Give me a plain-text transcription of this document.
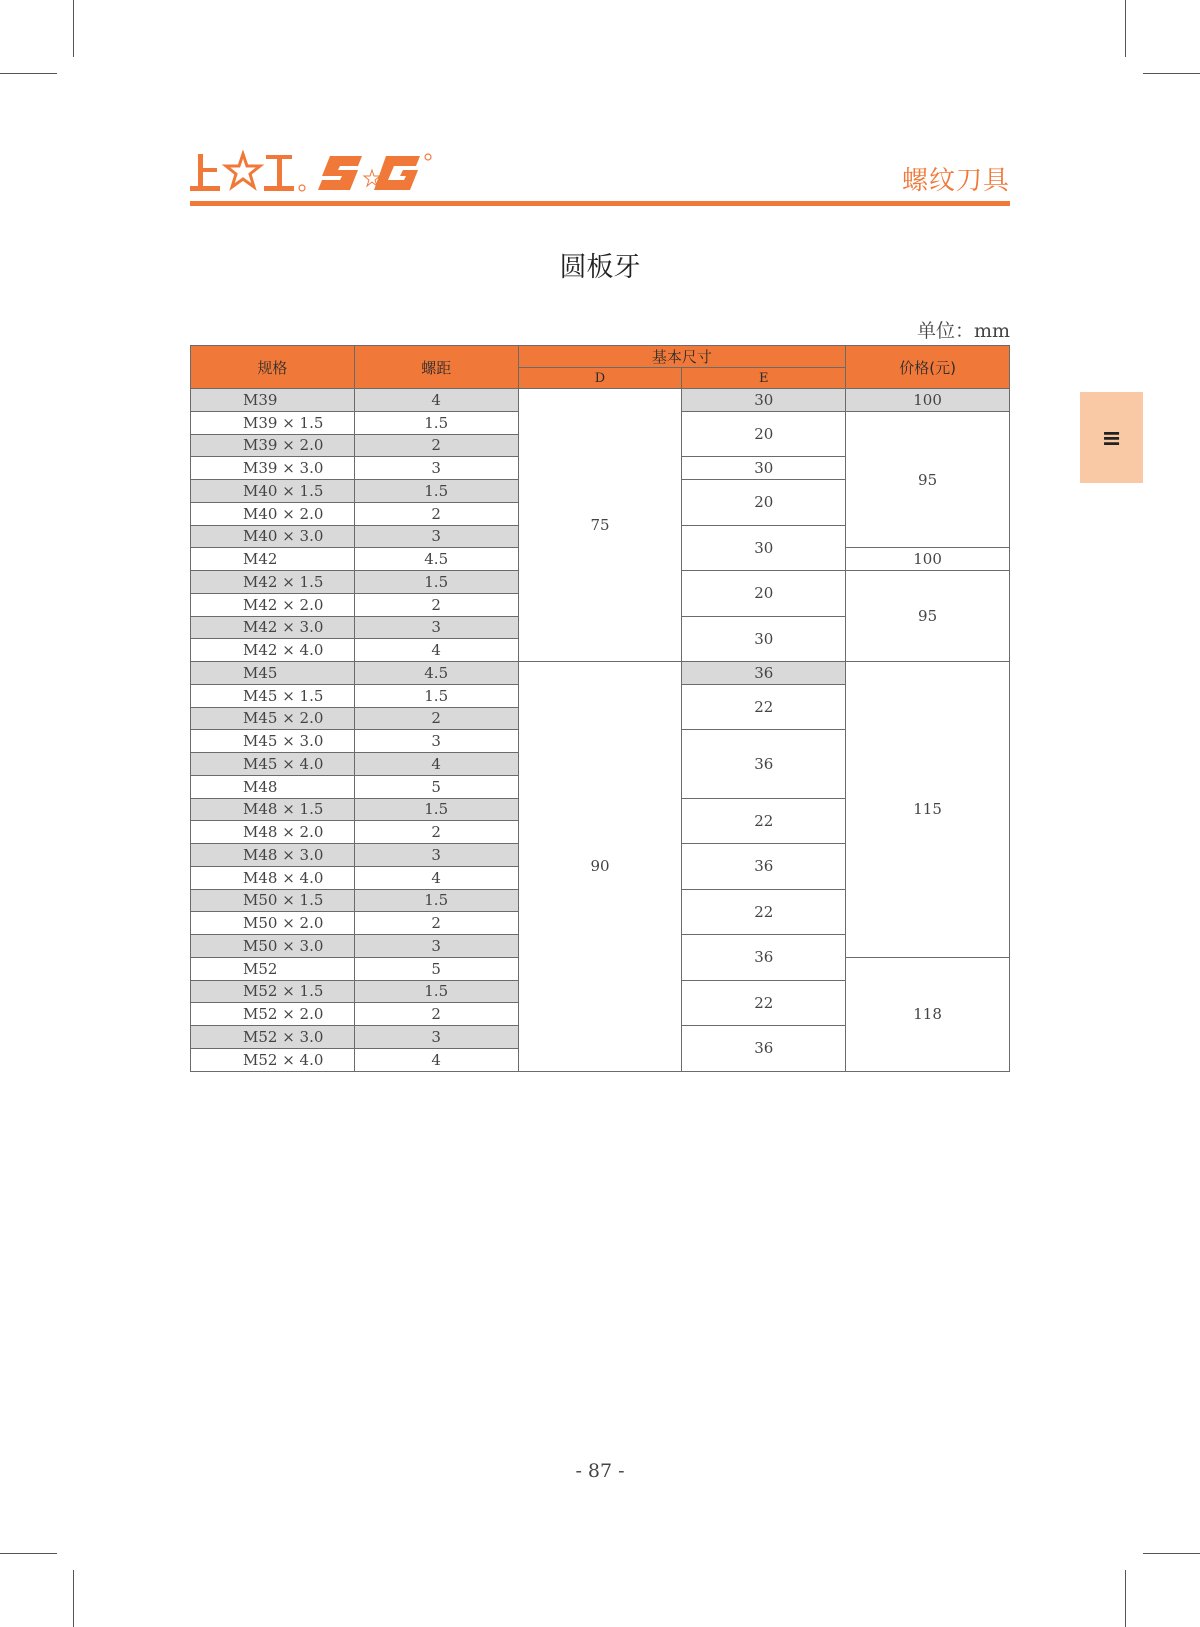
螺纹刀具
圆板牙
单位：mm
≡
规格	螺距	基本尺寸		价格(元)
		D	E	
M39	4	75	30	100
M39 × 1.5	1.5		20	95
M39 × 2.0	2			
M39 × 3.0	3		30	
M40 × 1.5	1.5		20	
M40 × 2.0	2			
M40 × 3.0	3		30	
M42	4.5			100
M42 × 1.5	1.5		20	95
M42 × 2.0	2			
M42 × 3.0	3		30	
M42 × 4.0	4			
M45	4.5	90	36	115
M45 × 1.5	1.5		22	
M45 × 2.0	2			
M45 × 3.0	3		36	
M45 × 4.0	4			
M48	5			
M48 × 1.5	1.5		22	
M48 × 2.0	2			
M48 × 3.0	3		36	
M48 × 4.0	4			
M50 × 1.5	1.5		22	
M50 × 2.0	2			
M50 × 3.0	3		36	
M52	5			118
M52 × 1.5	1.5		22	
M52 × 2.0	2			
M52 × 3.0	3		36	
M52 × 4.0	4			
- 87 -
